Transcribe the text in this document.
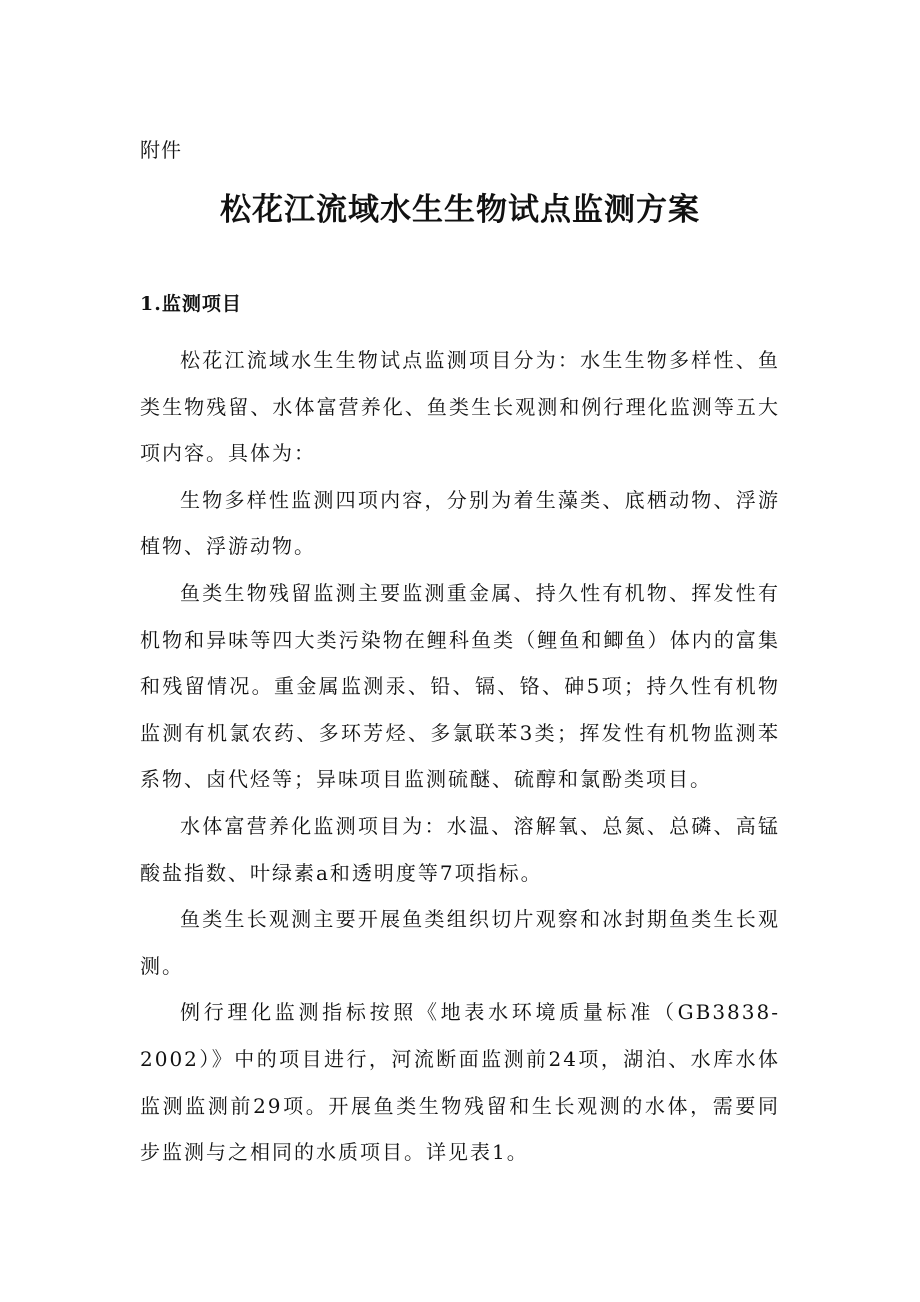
附件
松花江流域水生生物试点监测方案
1.监测项目

松花江流域水生生物试点监测项目分为：水生生物多样性、鱼类生物残留、水体富营养化、鱼类生长观测和例行理化监测等五大项内容。具体为：

生物多样性监测四项内容，分别为着生藻类、底栖动物、浮游植物、浮游动物。

鱼类生物残留监测主要监测重金属、持久性有机物、挥发性有机物和异味等四大类污染物在鲤科鱼类（鲤鱼和鲫鱼）体内的富集和残留情况。重金属监测汞、铅、镉、铬、砷5项；持久性有机物监测有机氯农药、多环芳烃、多氯联苯3类；挥发性有机物监测苯系物、卤代烃等；异味项目监测硫醚、硫醇和氯酚类项目。

水体富营养化监测项目为：水温、溶解氧、总氮、总磷、高锰酸盐指数、叶绿素a和透明度等7项指标。

鱼类生长观测主要开展鱼类组织切片观察和冰封期鱼类生长观测。

例行理化监测指标按照《地表水环境质量标准（GB3838-2002）》中的项目进行，河流断面监测前24项，湖泊、水库水体监测监测前29项。开展鱼类生物残留和生长观测的水体，需要同步监测与之相同的水质项目。详见表1。
